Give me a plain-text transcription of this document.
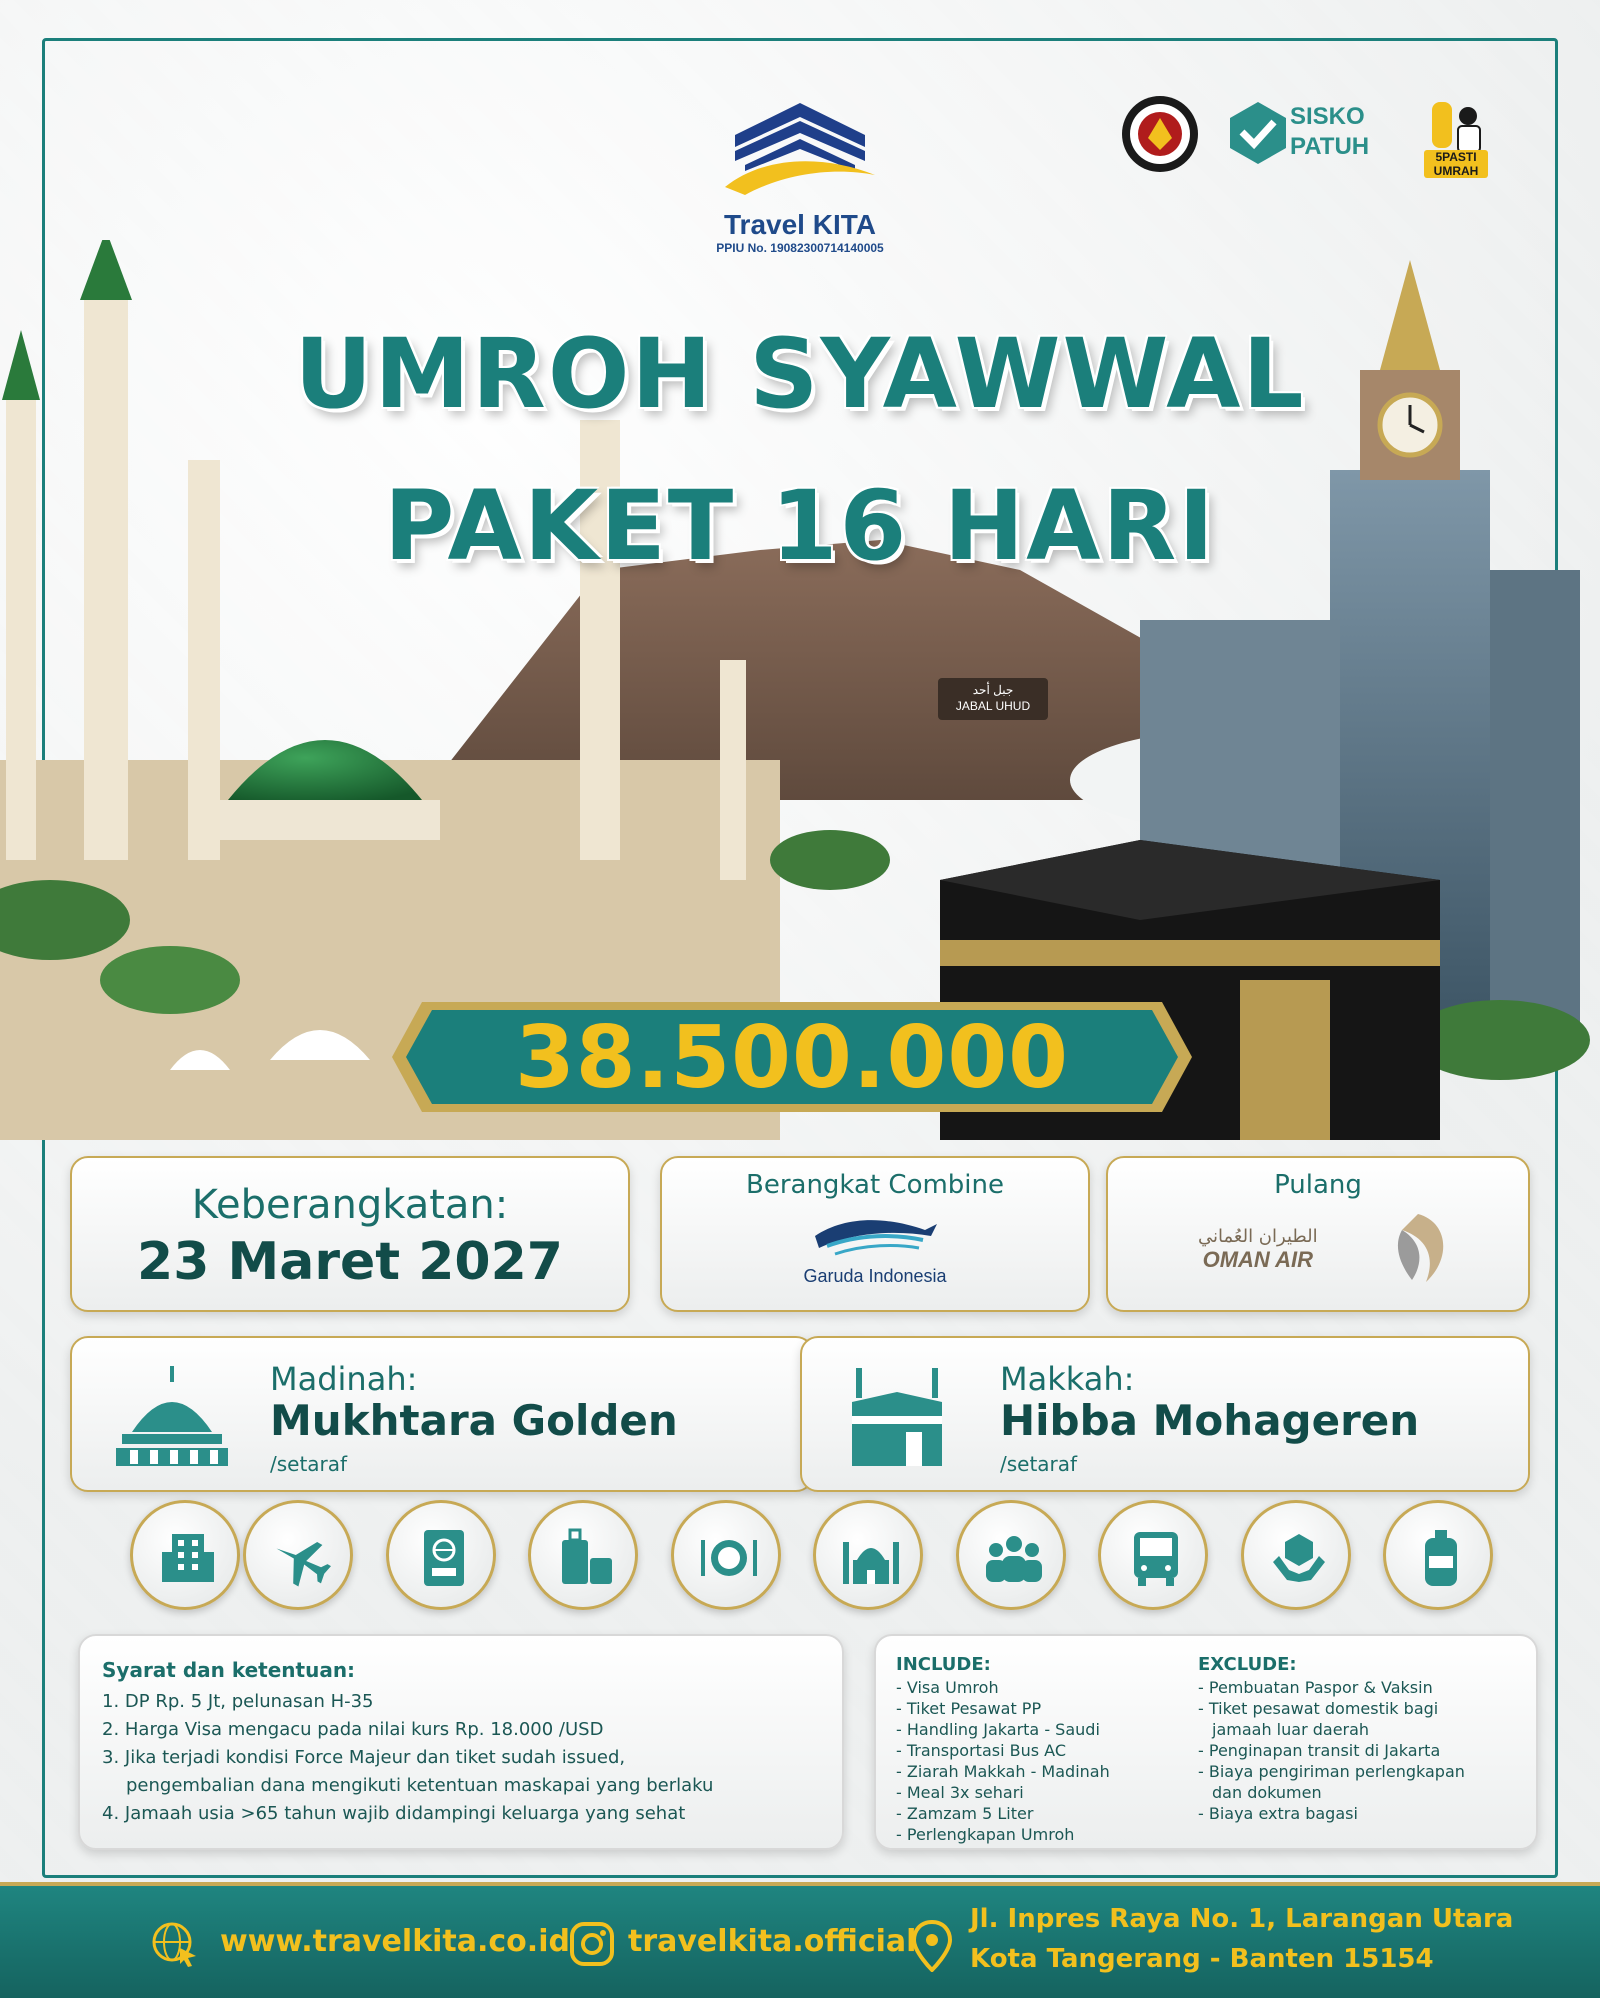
Travel KITA
PPIU No. 19082300714140005
SISKO
PATUH	5PASTI UMRAH
جبل أحد
JABAL UHUD
UMROH SYAWWAL
PAKET 16 HARI
38.500.000
Keberangkatan:
23 Maret 2027
Berangkat Combine
Garuda Indonesia
Pulang
الطيران العُماني
OMAN AIR
Madinah:
Mukhtara Golden
/setaraf
Makkah:
Hibba Mohageren
/setaraf
Syarat dan ketentuan:
1. DP Rp. 5 Jt, pelunasan H-35
2. Harga Visa mengacu pada nilai kurs Rp. 18.000 /USD
3. Jika terjadi kondisi Force Majeur dan tiket sudah issued,
pengembalian dana mengikuti ketentuan maskapai yang berlaku
4. Jamaah usia >65 tahun wajib didampingi keluarga yang sehat
INCLUDE:
- Visa Umroh
- Tiket Pesawat PP
- Handling Jakarta - Saudi
- Transportasi Bus AC
- Ziarah Makkah - Madinah
- Meal 3x sehari
- Zamzam 5 Liter
- Perlengkapan Umroh
EXCLUDE:
- Pembuatan Paspor & Vaksin
- Tiket pesawat domestik bagi
jamaah luar daerah
- Penginapan transit di Jakarta
- Biaya pengiriman perlengkapan
dan dokumen
- Biaya extra bagasi
www.travelkita.co.id travelkita.official
Jl. Inpres Raya No. 1, Larangan Utara
Kota Tangerang - Banten 15154
